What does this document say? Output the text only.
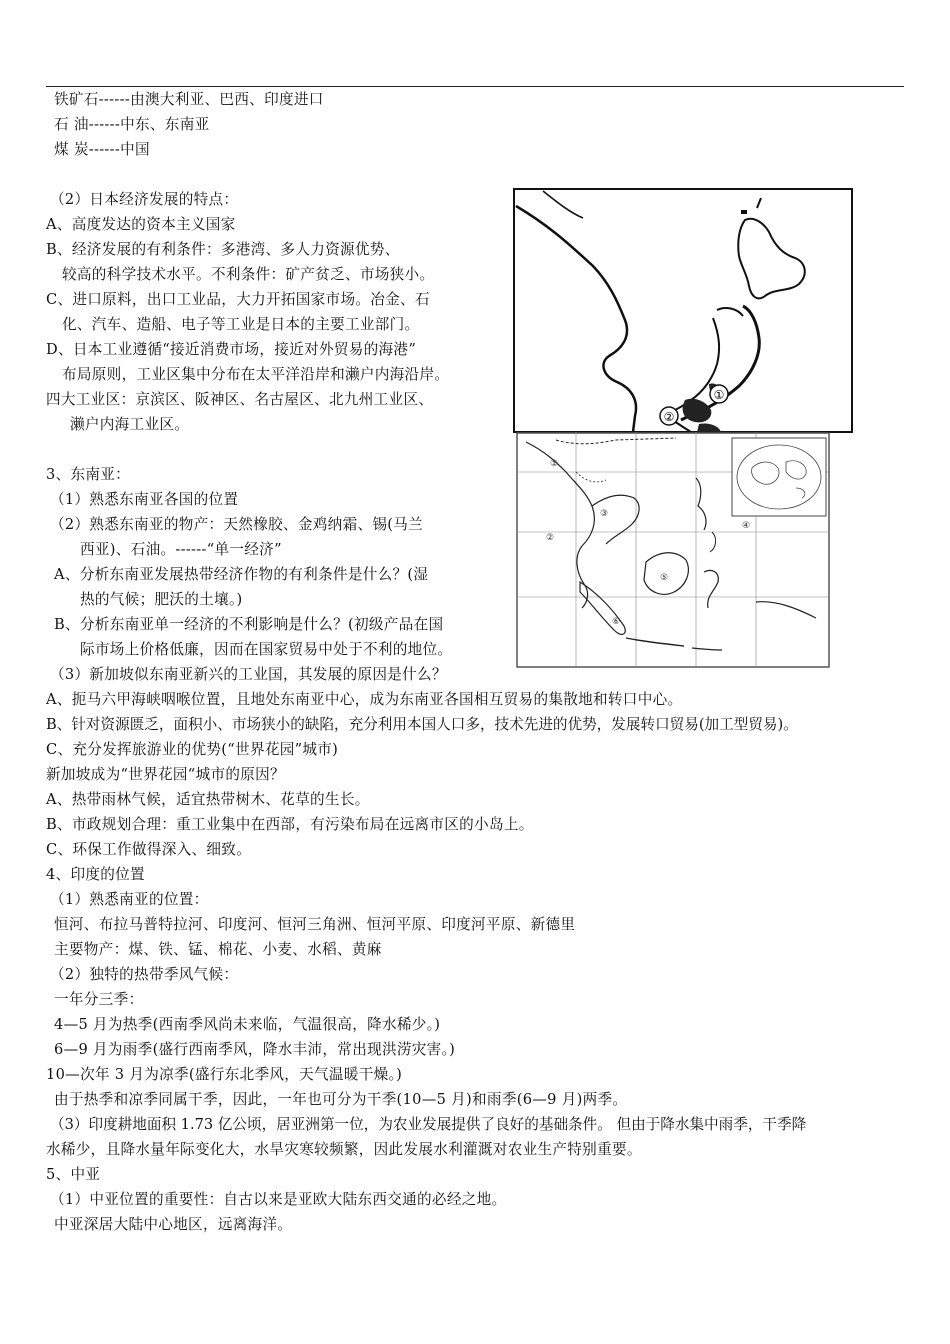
铁矿石------由澳大利亚、巴西、印度进口
石 油------中东、东南亚
煤 炭------中国
（2）日本经济发展的特点：
A、高度发达的资本主义国家
B、经济发展的有利条件：多港湾、多人力资源优势、
较高的科学技术水平。不利条件：矿产贫乏、市场狭小。
C、进口原料，出口工业品，大力开拓国家市场。冶金、石
化、汽车、造船、电子等工业是日本的主要工业部门。
D、日本工业遵循“接近消费市场，接近对外贸易的海港”
布局原则，工业区集中分布在太平洋沿岸和濑户内海沿岸。
四大工业区：京滨区、阪神区、名古屋区、北九州工业区、
濑户内海工业区。
3、东南亚：
（1）熟悉东南亚各国的位置
（2）熟悉东南亚的物产：天然橡胶、金鸡纳霜、锡(马兰
西亚)、石油。------“单一经济”
A、分析东南亚发展热带经济作物的有利条件是什么？(湿
热的气候；肥沃的土壤。)
B、分析东南亚单一经济的不利影响是什么？(初级产品在国
际市场上价格低廉，因而在国家贸易中处于不利的地位。
（3）新加坡似东南亚新兴的工业国，其发展的原因是什么？
A、扼马六甲海峡咽喉位置，且地处东南亚中心，成为东南亚各国相互贸易的集散地和转口中心。
B、针对资源匮乏，面积小、市场狭小的缺陷，充分利用本国人口多，技术先进的优势，发展转口贸易(加工型贸易)。
C、充分发挥旅游业的优势(“世界花园”城市)
新加坡成为“世界花园“城市的原因？
A、热带雨林气候，适宜热带树木、花草的生长。
B、市政规划合理：重工业集中在西部，有污染布局在远离市区的小岛上。
C、环保工作做得深入、细致。
4、印度的位置
（1）熟悉南亚的位置：
恒河、布拉马普特拉河、印度河、恒河三角洲、恒河平原、印度河平原、新德里
主要物产：煤、铁、锰、棉花、小麦、水稻、黄麻
（2）独特的热带季风气候：
一年分三季：
4—5 月为热季(西南季风尚未来临，气温很高，降水稀少。)
6—9 月为雨季(盛行西南季风，降水丰沛，常出现洪涝灾害。)
10—次年 3 月为凉季(盛行东北季风，天气温暖干燥。)
由于热季和凉季同属干季，因此，一年也可分为干季(10—5 月)和雨季(6—9 月)两季。
（3）印度耕地面积 1.73 亿公顷，居亚洲第一位，为农业发展提供了良好的基础条件。 但由于降水集中雨季，干季降
水稀少，且降水量年际变化大，水旱灾寒较频繁，因此发展水利灌溉对农业生产特别重要。
5、中亚
（1）中亚位置的重要性：自古以来是亚欧大陆东西交通的必经之地。
中亚深居大陆中心地区，远离海洋。
①
②
①
②
③
④
⑤
⑥
